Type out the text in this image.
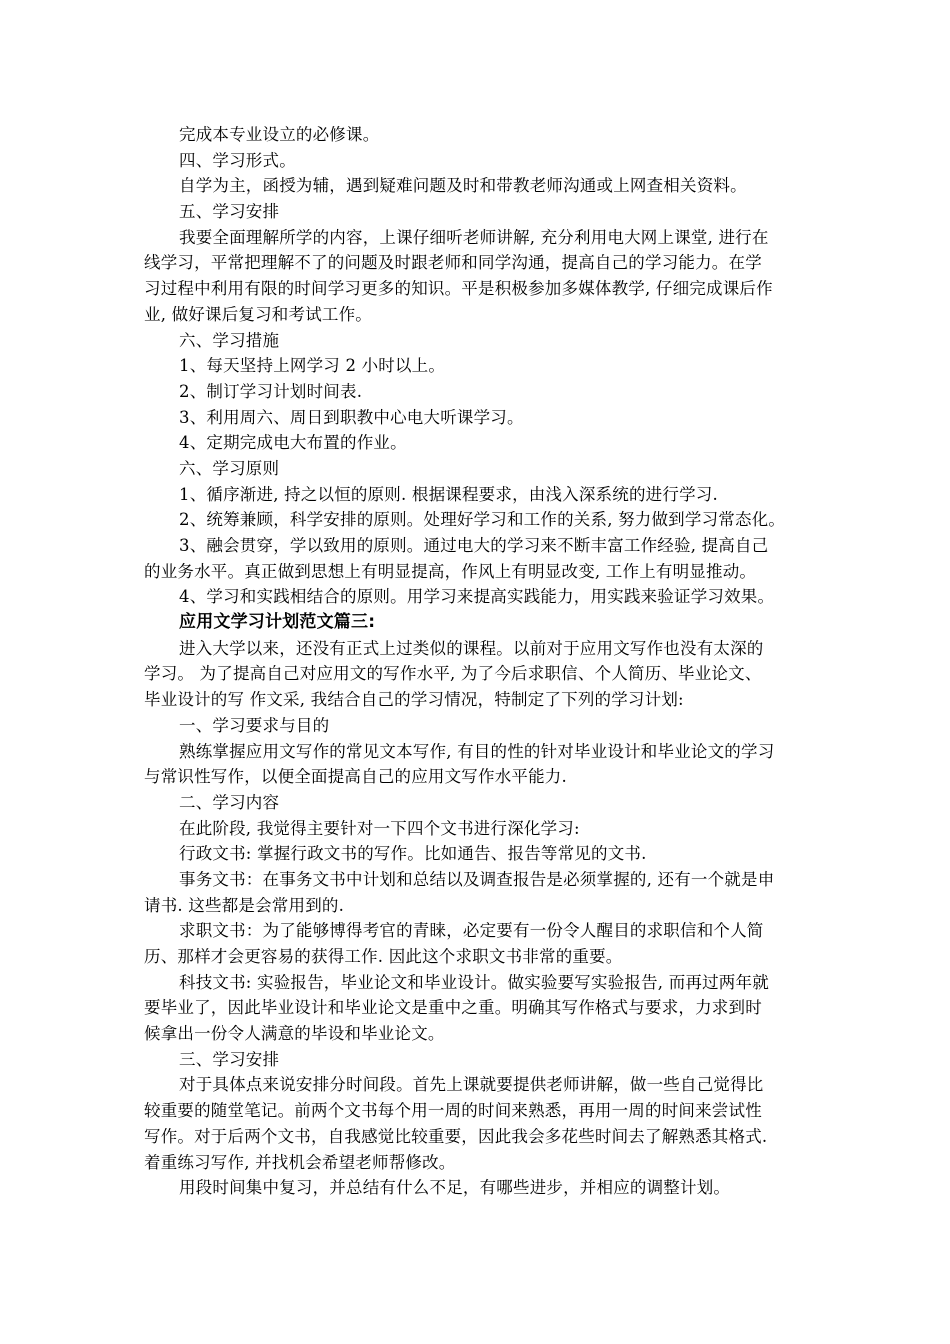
完成本专业设立的必修课。
四、学习形式。
自学为主，函授为辅，遇到疑难问题及时和带教老师沟通或上网查相关资料。
五、学习安排
我要全面理解所学的内容，上课仔细听老师讲解, 充分利用电大网上课堂, 进行在
线学习，平常把理解不了的问题及时跟老师和同学沟通，提高自己的学习能力。在学
习过程中利用有限的时间学习更多的知识。平是积极参加多媒体教学, 仔细完成课后作
业, 做好课后复习和考试工作。
六、学习措施
1、每天坚持上网学习 2 小时以上。
2、制订学习计划时间表.
3、利用周六、周日到职教中心电大听课学习。
4、定期完成电大布置的作业。
六、学习原则
1、循序渐进, 持之以恒的原则. 根据课程要求，由浅入深系统的进行学习.
2、统筹兼顾，科学安排的原则。处理好学习和工作的关系, 努力做到学习常态化。
3、融会贯穿，学以致用的原则。通过电大的学习来不断丰富工作经验, 提高自己
的业务水平。真正做到思想上有明显提高，作风上有明显改变, 工作上有明显推动。
4、学习和实践相结合的原则。用学习来提高实践能力，用实践来验证学习效果。
应用文学习计划范文篇三:
进入大学以来，还没有正式上过类似的课程。以前对于应用文写作也没有太深的
学习。 为了提高自己对应用文的写作水平, 为了今后求职信、个人简历、毕业论文、
毕业设计的写 作文采, 我结合自己的学习情况，特制定了下列的学习计划:
一、学习要求与目的
熟练掌握应用文写作的常见文本写作, 有目的性的针对毕业设计和毕业论文的学习
与常识性写作，以便全面提高自己的应用文写作水平能力.
二、学习内容
在此阶段, 我觉得主要针对一下四个文书进行深化学习:
行政文书: 掌握行政文书的写作。比如通告、报告等常见的文书.
事务文书：在事务文书中计划和总结以及调查报告是必须掌握的, 还有一个就是申
请书. 这些都是会常用到的.
求职文书：为了能够博得考官的青睐，必定要有一份令人醒目的求职信和个人简
历、那样才会更容易的获得工作. 因此这个求职文书非常的重要。
科技文书: 实验报告，毕业论文和毕业设计。做实验要写实验报告, 而再过两年就
要毕业了，因此毕业设计和毕业论文是重中之重。明确其写作格式与要求，力求到时
候拿出一份令人满意的毕设和毕业论文。
三、学习安排
对于具体点来说安排分时间段。首先上课就要提供老师讲解，做一些自己觉得比
较重要的随堂笔记。前两个文书每个用一周的时间来熟悉，再用一周的时间来尝试性
写作。对于后两个文书，自我感觉比较重要，因此我会多花些时间去了解熟悉其格式.
着重练习写作, 并找机会希望老师帮修改。
用段时间集中复习，并总结有什么不足，有哪些进步，并相应的调整计划。
